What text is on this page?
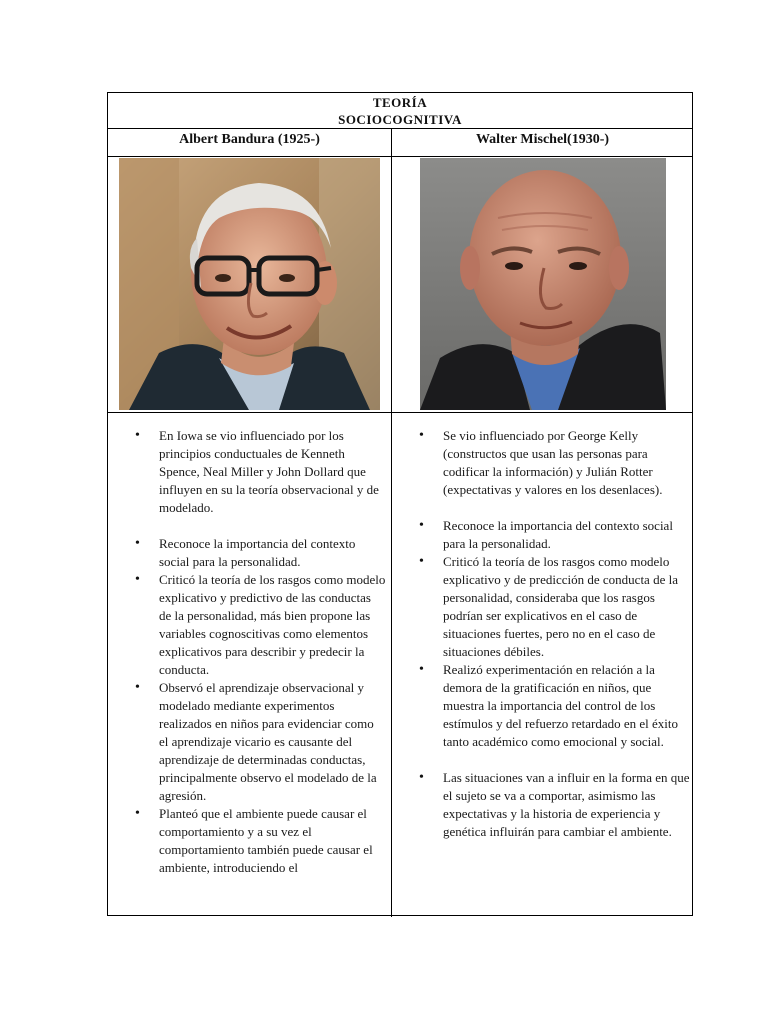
TEORÍA
SOCIOCOGNITIVA
Albert Bandura (1925-)	Walter Mischel(1930-)
• En Iowa se vio influenciado por los principios conductuales de Kenneth Spence, Neal Miller y John Dollard que influyen en su la teoría observacional y de modelado.
• Reconoce la importancia del contexto social para la personalidad.
• Criticó la teoría de los rasgos como modelo explicativo y predictivo de las conductas de la personalidad, más bien propone las variables cognoscitivas como elementos explicativos para describir y predecir la conducta.
• Observó el aprendizaje observacional y modelado mediante experimentos realizados en niños para evidenciar como el aprendizaje vicario es causante del aprendizaje de determinadas conductas, principalmente observo el modelado de la agresión.
• Planteó que el ambiente puede causar el comportamiento y a su vez el comportamiento también puede causar el ambiente, introduciendo el
• Se vio influenciado por George Kelly (constructos que usan las personas para codificar la información) y Julián Rotter (expectativas y valores en los desenlaces).
• Reconoce la importancia del contexto social para la personalidad.
• Criticó la teoría de los rasgos como modelo explicativo y de predicción de conducta de la personalidad, consideraba que los rasgos podrían ser explicativos en el caso de situaciones fuertes, pero no en el caso de situaciones débiles.
• Realizó experimentación en relación a la demora de la gratificación en niños, que muestra la importancia del control de los estímulos y del refuerzo retardado en el éxito tanto académico como emocional y social.
• Las situaciones van a influir en la forma en que el sujeto se va a comportar, asimismo las expectativas y la historia de experiencia y genética influirán para cambiar el ambiente.
